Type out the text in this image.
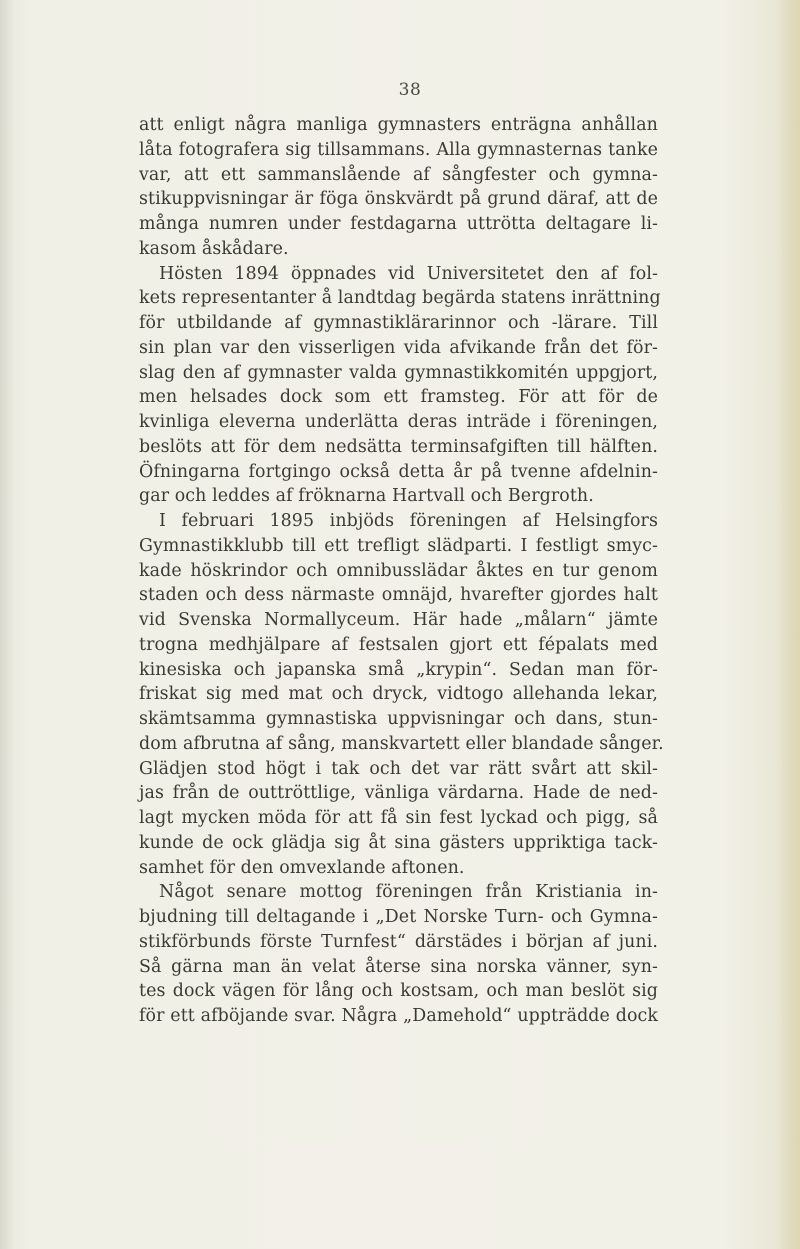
38
att enligt några manliga gymnasters enträgna anhållan
låta fotografera sig tillsammans. Alla gymnasternas tanke
var, att ett sammanslående af sångfester och gymna-
stikuppvisningar är föga önskvärdt på grund däraf, att de
många numren under festdagarna uttrötta deltagare li-
kasom åskådare.
Hösten 1894 öppnades vid Universitetet den af fol-
kets representanter å landtdag begärda statens inrättning
för utbildande af gymnastiklärarinnor och -lärare. Till
sin plan var den visserligen vida afvikande från det för-
slag den af gymnaster valda gymnastikkomitén uppgjort,
men helsades dock som ett framsteg. För att för de
kvinliga eleverna underlätta deras inträde i föreningen,
beslöts att för dem nedsätta terminsafgiften till hälften.
Öfningarna fortgingo också detta år på tvenne afdelnin-
gar och leddes af fröknarna Hartvall och Bergroth.
I februari 1895 inbjöds föreningen af Helsingfors
Gymnastikklubb till ett trefligt slädparti. I festligt smyc-
kade höskrindor och omnibusslädar åktes en tur genom
staden och dess närmaste omnäjd, hvarefter gjordes halt
vid Svenska Normallyceum. Här hade „målarn“ jämte
trogna medhjälpare af festsalen gjort ett fépalats med
kinesiska och japanska små „krypin“. Sedan man för-
friskat sig med mat och dryck, vidtogo allehanda lekar,
skämtsamma gymnastiska uppvisningar och dans, stun-
dom afbrutna af sång, manskvartett eller blandade sånger.
Glädjen stod högt i tak och det var rätt svårt att skil-
jas från de outtröttlige, vänliga värdarna. Hade de ned-
lagt mycken möda för att få sin fest lyckad och pigg, så
kunde de ock glädja sig åt sina gästers uppriktiga tack-
samhet för den omvexlande aftonen.
Något senare mottog föreningen från Kristiania in-
bjudning till deltagande i „Det Norske Turn- och Gymna-
stikförbunds förste Turnfest“ därstädes i början af juni.
Så gärna man än velat återse sina norska vänner, syn-
tes dock vägen för lång och kostsam, och man beslöt sig
för ett afböjande svar. Några „Damehold“ uppträdde dock
